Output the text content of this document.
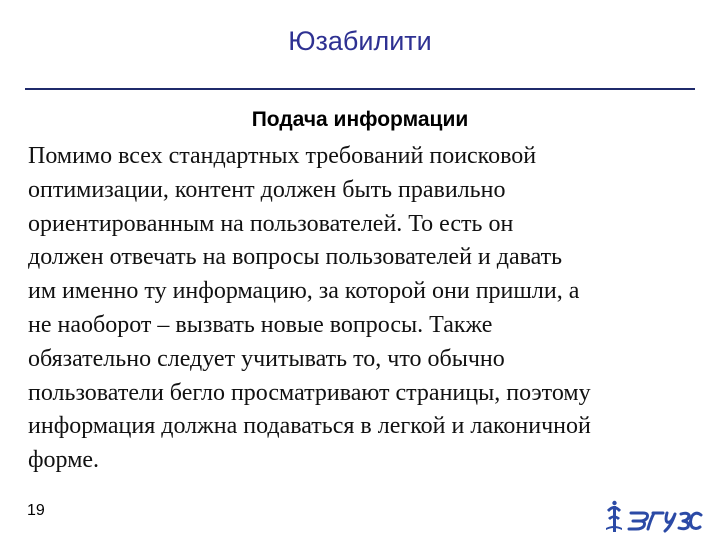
Юзабилити
Подача информации

Помимо всех стандартных требований поисковой
оптимизации, контент должен быть правильно
ориентированным на пользователей. То есть он
должен отвечать на вопросы пользователей и давать
им именно ту информацию, за которой они пришли, а
не наоборот – вызвать новые вопросы. Также
обязательно следует учитывать то, что обычно
пользователи бегло просматривают страницы, поэтому
информация должна подаваться в легкой и лаконичной
форме.

19
